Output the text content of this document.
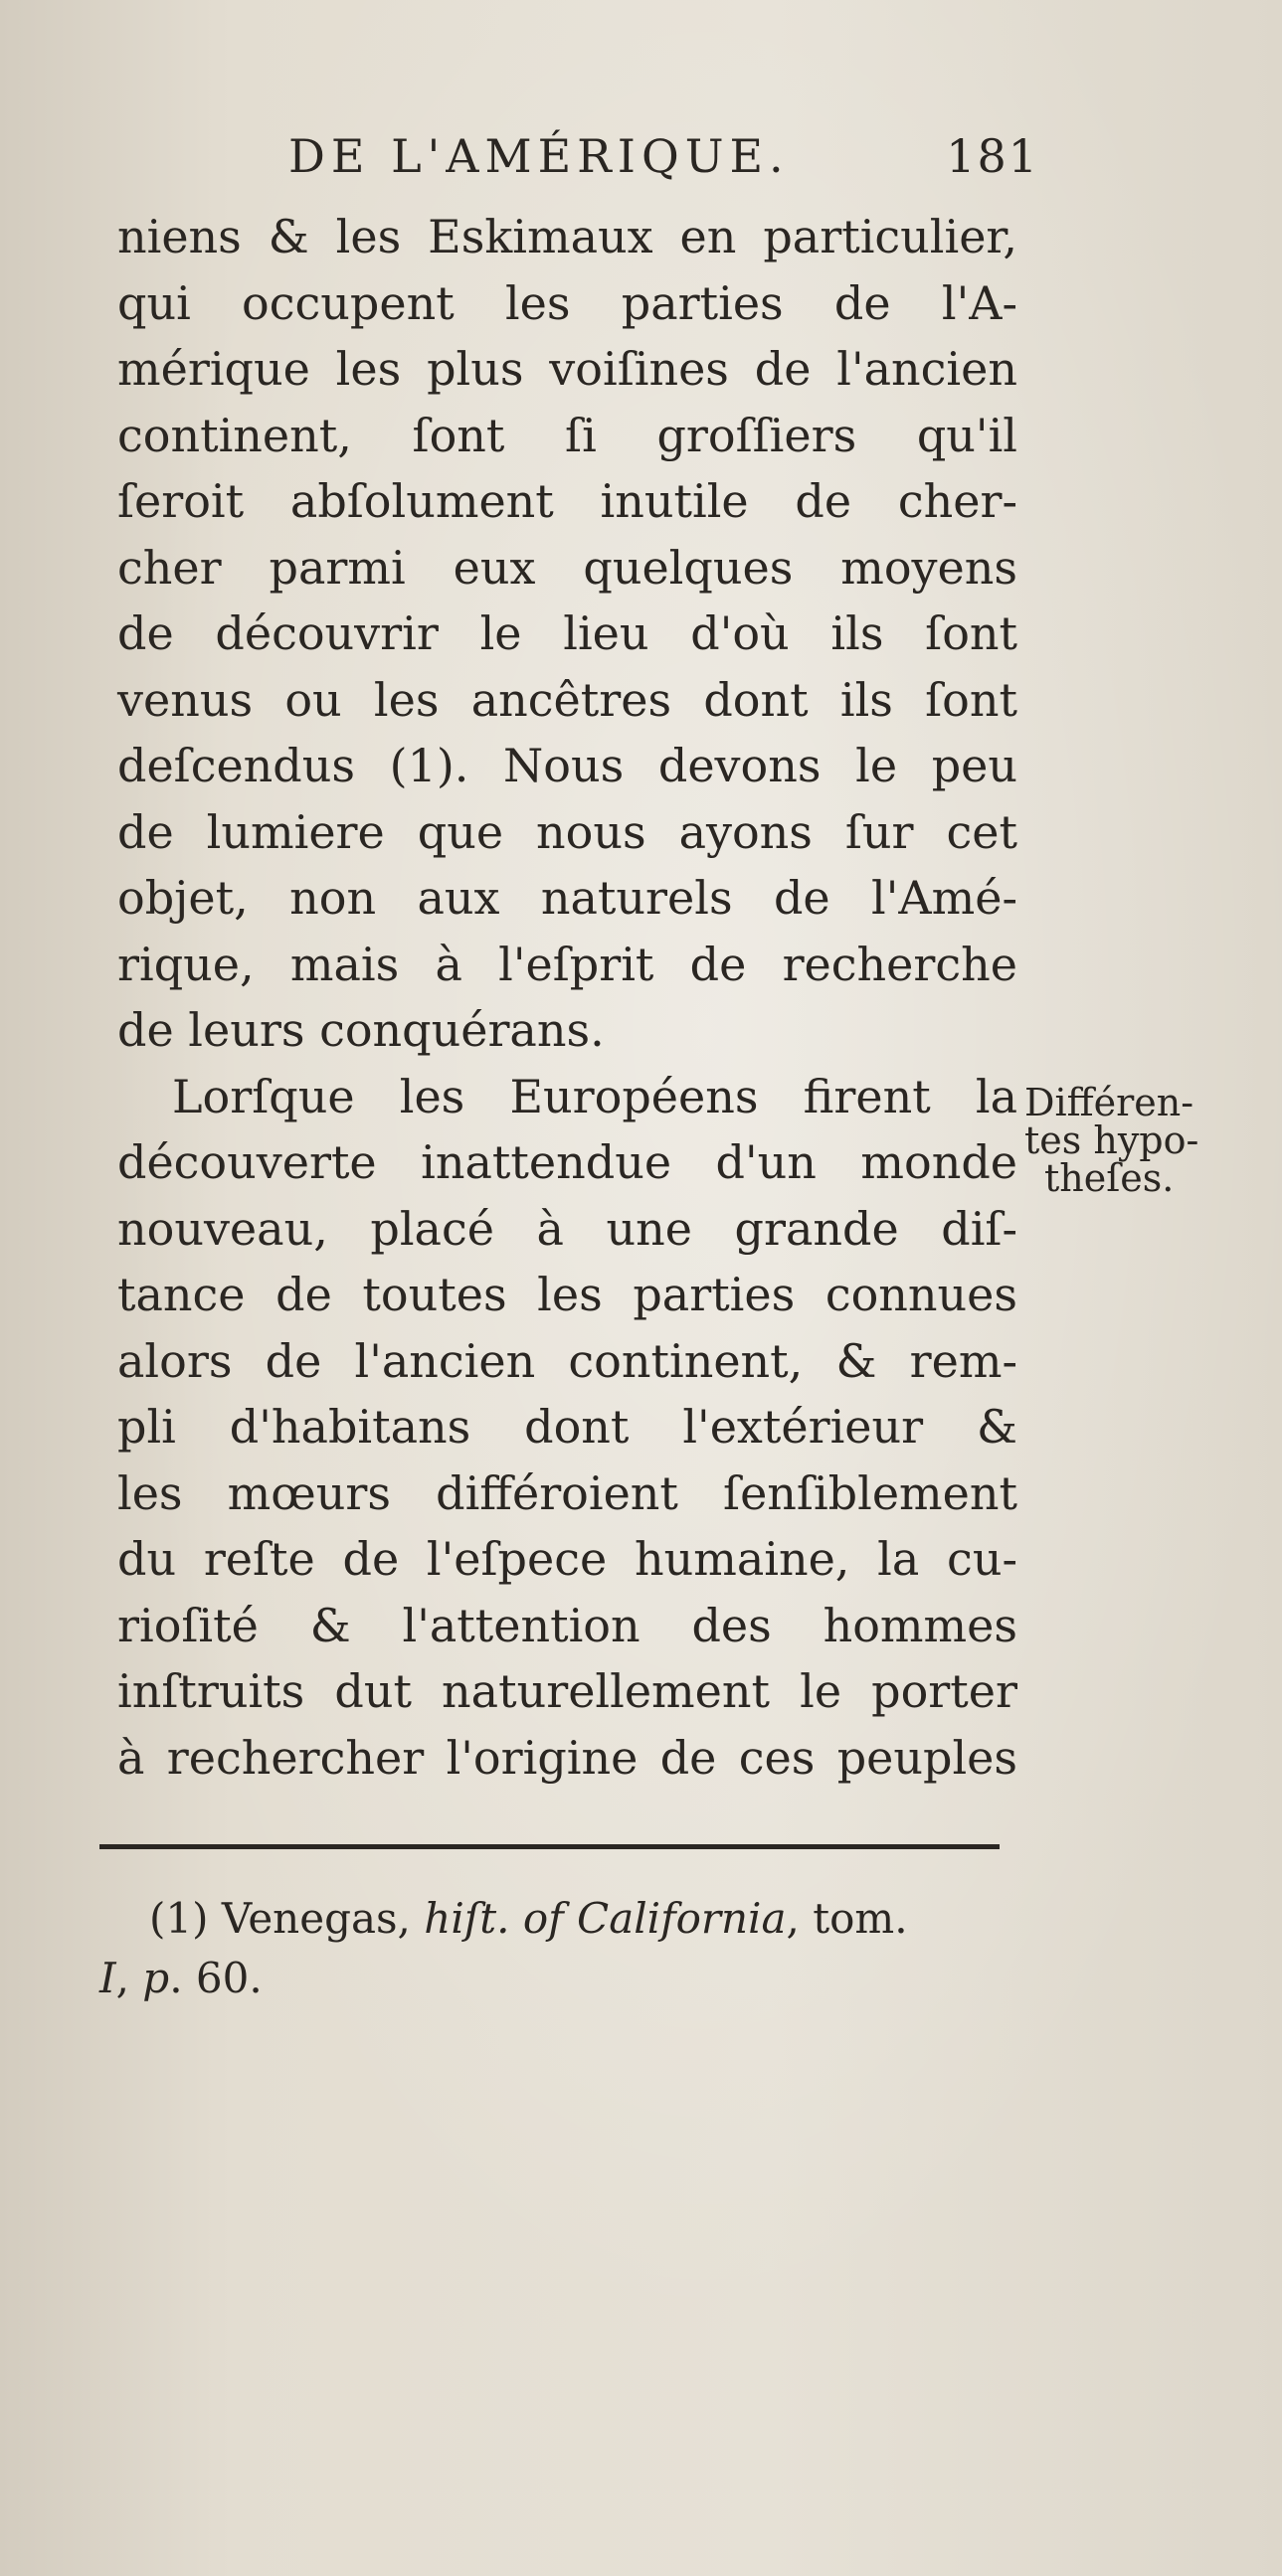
DE L'AMÉRIQUE.	181
niens & les Eskimaux en particulier,
qui occupent les parties de l'A-
mérique les plus voiſines de l'ancien
continent, ſont ſi groſſiers qu'il
ſeroit abſolument inutile de cher-
cher parmi eux quelques moyens
de découvrir le lieu d'où ils ſont
venus ou les ancêtres dont ils ſont
deſcendus (1). Nous devons le peu
de lumiere que nous ayons ſur cet
objet, non aux naturels de l'Amé-
rique, mais à l'eſprit de recherche
de leurs conquérans.
Lorſque les Européens firent la
découverte inattendue d'un monde
nouveau, placé à une grande diſ-
tance de toutes les parties connues
alors de l'ancien continent, & rem-
pli d'habitans dont l'extérieur &
les mœurs différoient ſenſiblement
du reſte de l'eſpece humaine, la cu-
rioſité & l'attention des hommes
inſtruits dut naturellement le porter
à rechercher l'origine de ces peuples
Différen-
tes hypo-
theſes.
(1) Venegas, hiſt. of California, tom.
I, p. 60.
